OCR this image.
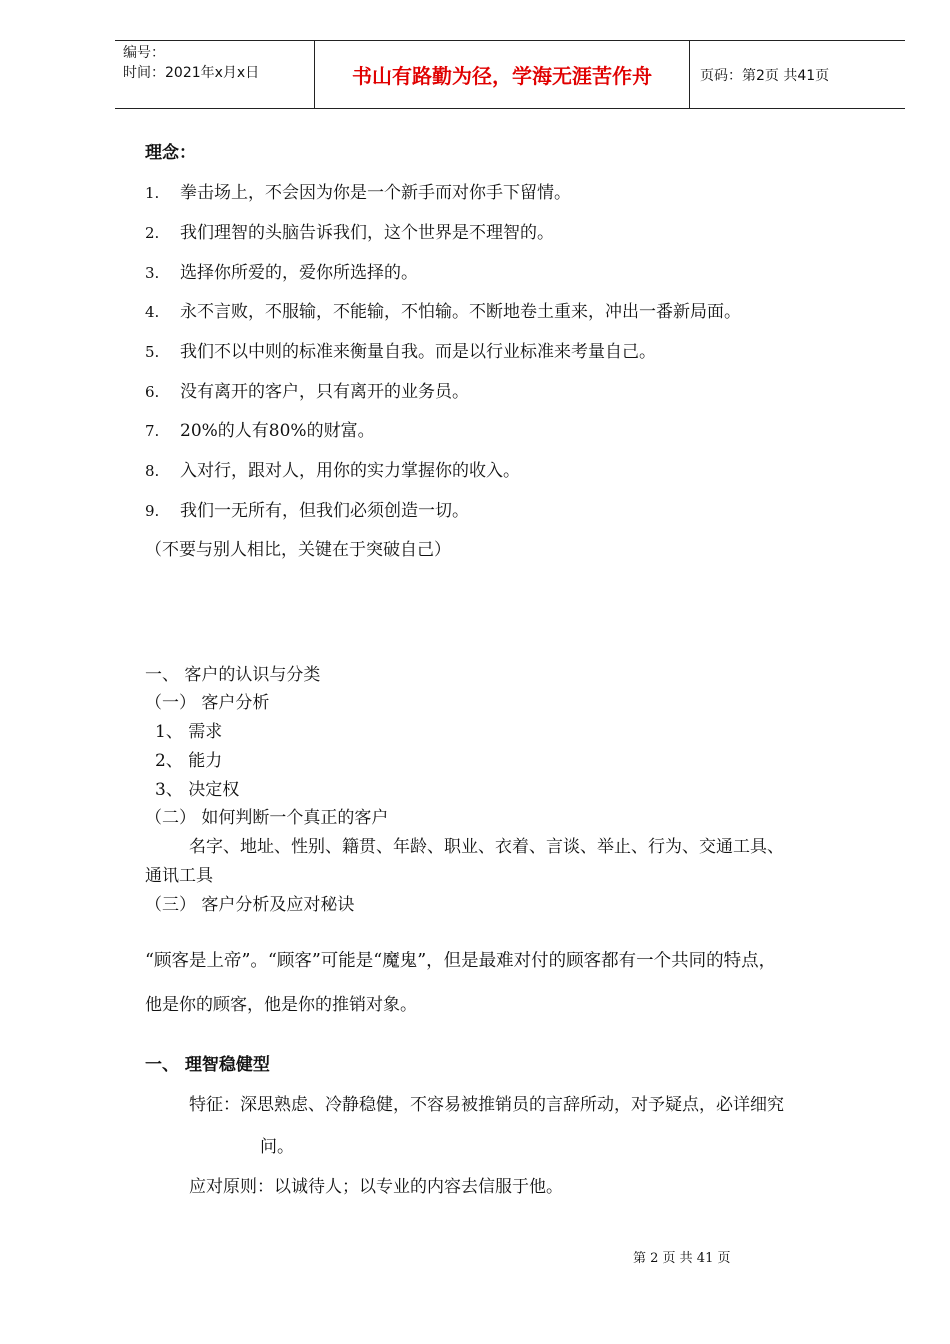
编号：
时间：2021年x月x日	书山有路勤为径，学海无涯苦作舟	页码：第2页 共41页
理念：
1. 拳击场上，不会因为你是一个新手而对你手下留情。
2. 我们理智的头脑告诉我们，这个世界是不理智的。
3. 选择你所爱的，爱你所选择的。
4. 永不言败，不服输，不能输，不怕输。不断地卷土重来，冲出一番新局面。
5. 我们不以中则的标准来衡量自我。而是以行业标准来考量自己。
6. 没有离开的客户，只有离开的业务员。
7. 20%的人有80%的财富。
8. 入对行，跟对人，用你的实力掌握你的收入。
9. 我们一无所有，但我们必须创造一切。
（不要与别人相比，关键在于突破自己）
一、 客户的认识与分类
（一） 客户分析
1、 需求
2、 能力
3、 决定权
（二） 如何判断一个真正的客户
名字、地址、性别、籍贯、年龄、职业、衣着、言谈、举止、行为、交通工具、
通讯工具
（三） 客户分析及应对秘诀
“顾客是上帝”。“顾客”可能是“魔鬼”，但是最难对付的顾客都有一个共同的特点，
他是你的顾客，他是你的推销对象。
一、 理智稳健型
特征：深思熟虑、冷静稳健，不容易被推销员的言辞所动，对予疑点，必详细究
问。
应对原则：以诚待人；以专业的内容去信服于他。
第 2 页 共 41 页
